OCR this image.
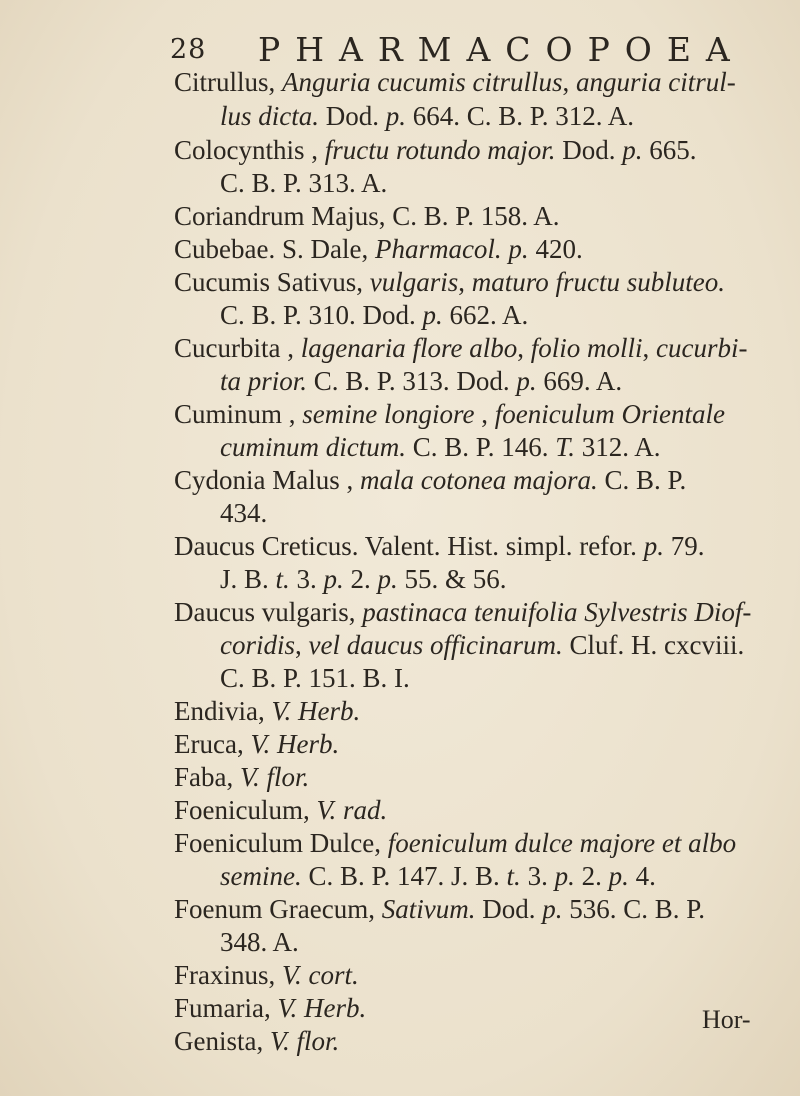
28 PHARMACOPOEA
Citrullus, Anguria cucumis citrullus, anguria citrul-
lus dicta. Dod. p. 664. C. B. P. 312. A.
Colocynthis , fructu rotundo major. Dod. p. 665.
C. B. P. 313. A.
Coriandrum Majus, C. B. P. 158. A.
Cubebae. S. Dale, Pharmacol. p. 420.
Cucumis Sativus, vulgaris, maturo fructu subluteo.
C. B. P. 310. Dod. p. 662. A.
Cucurbita , lagenaria flore albo, folio molli, cucurbi-
ta prior. C. B. P. 313. Dod. p. 669. A.
Cuminum , semine longiore , foeniculum Orientale
cuminum dictum. C. B. P. 146. T. 312. A.
Cydonia Malus , mala cotonea majora. C. B. P.
434.
Daucus Creticus. Valent. Hist. simpl. refor. p. 79.
J. B. t. 3. p. 2. p. 55. & 56.
Daucus vulgaris, pastinaca tenuifolia Sylvestris Diof-
coridis, vel daucus officinarum. Cluf. H. cxcviii.
C. B. P. 151. B. I.
Endivia, V. Herb.
Eruca, V. Herb.
Faba, V. flor.
Foeniculum, V. rad.
Foeniculum Dulce, foeniculum dulce majore et albo
semine. C. B. P. 147. J. B. t. 3. p. 2. p. 4.
Foenum Graecum, Sativum. Dod. p. 536. C. B. P.
348. A.
Fraxinus, V. cort.
Fumaria, V. Herb.
Genista, V. flor.
Hor-
